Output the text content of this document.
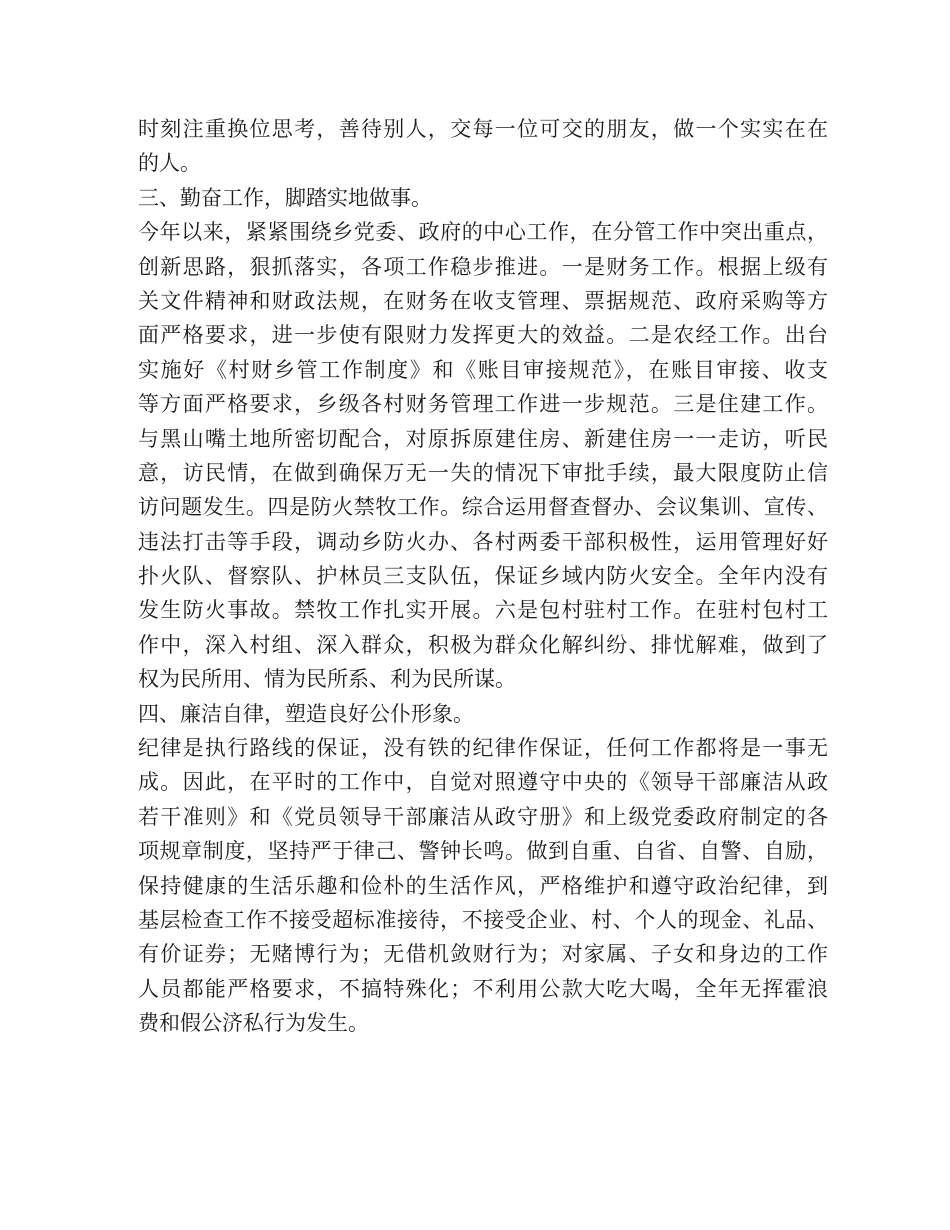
时刻注重换位思考，善待别人，交每一位可交的朋友，做一个实实在在
的人。
三、勤奋工作，脚踏实地做事。
今年以来，紧紧围绕乡党委、政府的中心工作，在分管工作中突出重点，
创新思路，狠抓落实，各项工作稳步推进。一是财务工作。根据上级有
关文件精神和财政法规，在财务在收支管理、票据规范、政府采购等方
面严格要求，进一步使有限财力发挥更大的效益。二是农经工作。出台
实施好《村财乡管工作制度》和《账目审接规范》，在账目审接、收支
等方面严格要求，乡级各村财务管理工作进一步规范。三是住建工作。
与黑山嘴土地所密切配合，对原拆原建住房、新建住房一一走访，听民
意，访民情，在做到确保万无一失的情况下审批手续，最大限度防止信
访问题发生。四是防火禁牧工作。综合运用督查督办、会议集训、宣传、
违法打击等手段，调动乡防火办、各村两委干部积极性，运用管理好好
扑火队、督察队、护林员三支队伍，保证乡域内防火安全。全年内没有
发生防火事故。禁牧工作扎实开展。六是包村驻村工作。在驻村包村工
作中，深入村组、深入群众，积极为群众化解纠纷、排忧解难，做到了
权为民所用、情为民所系、利为民所谋。
四、廉洁自律，塑造良好公仆形象。
纪律是执行路线的保证，没有铁的纪律作保证，任何工作都将是一事无
成。因此，在平时的工作中，自觉对照遵守中央的《领导干部廉洁从政
若干准则》和《党员领导干部廉洁从政守册》和上级党委政府制定的各
项规章制度，坚持严于律己、警钟长鸣。做到自重、自省、自警、自励，
保持健康的生活乐趣和俭朴的生活作风，严格维护和遵守政治纪律，到
基层检查工作不接受超标准接待，不接受企业、村、个人的现金、礼品、
有价证券；无赌博行为；无借机敛财行为；对家属、子女和身边的工作
人员都能严格要求，不搞特殊化；不利用公款大吃大喝，全年无挥霍浪
费和假公济私行为发生。
